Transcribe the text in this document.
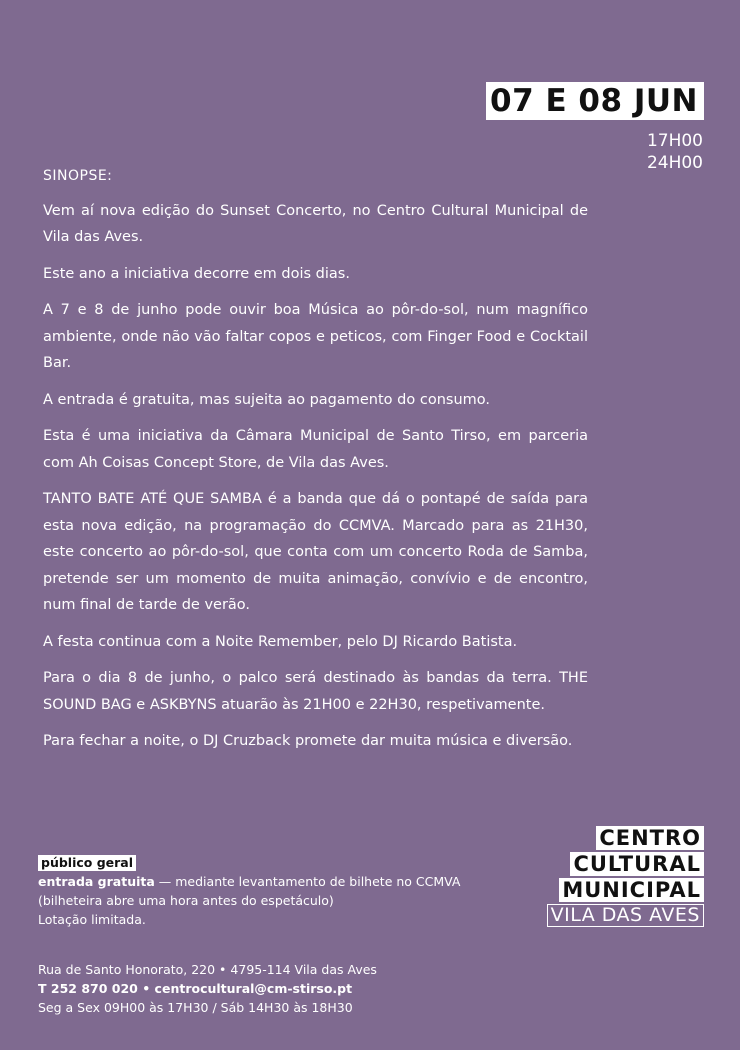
07 E 08 JUN
17H00
24H00

SINOPSE:

Vem aí nova edição do Sunset Concerto, no Centro Cultural Municipal de Vila das Aves.

Este ano a iniciativa decorre em dois dias.

A 7 e 8 de junho pode ouvir boa Música ao pôr-do-sol, num magnífico ambiente, onde não vão faltar copos e peticos, com Finger Food e Cocktail Bar.

A entrada é gratuita, mas sujeita ao pagamento do consumo.

Esta é uma iniciativa da Câmara Municipal de Santo Tirso, em parceria com Ah Coisas Concept Store, de Vila das Aves.

TANTO BATE ATÉ QUE SAMBA é a banda que dá o pontapé de saída para esta nova edição, na programação do CCMVA. Marcado para as 21H30, este concerto ao pôr-do-sol, que conta com um concerto Roda de Samba, pretende ser um momento de muita animação, convívio e de encontro, num final de tarde de verão.

A festa continua com a Noite Remember, pelo DJ Ricardo Batista.

Para o dia 8 de junho, o palco será destinado às bandas da terra. THE SOUND BAG e ASKBYNS atuarão às 21H00 e 22H30, respetivamente.

Para fechar a noite, o DJ Cruzback promete dar muita música e diversão.

público geral
entrada gratuita — mediante levantamento de bilhete no CCMVA
(bilheteira abre uma hora antes do espetáculo)
Lotação limitada.
CENTRO
CULTURAL
MUNICIPAL
VILA DAS AVES
Rua de Santo Honorato, 220 • 4795-114 Vila das Aves
T 252 870 020 • centrocultural@cm-stirso.pt
Seg a Sex 09H00 às 17H30 / Sáb 14H30 às 18H30
